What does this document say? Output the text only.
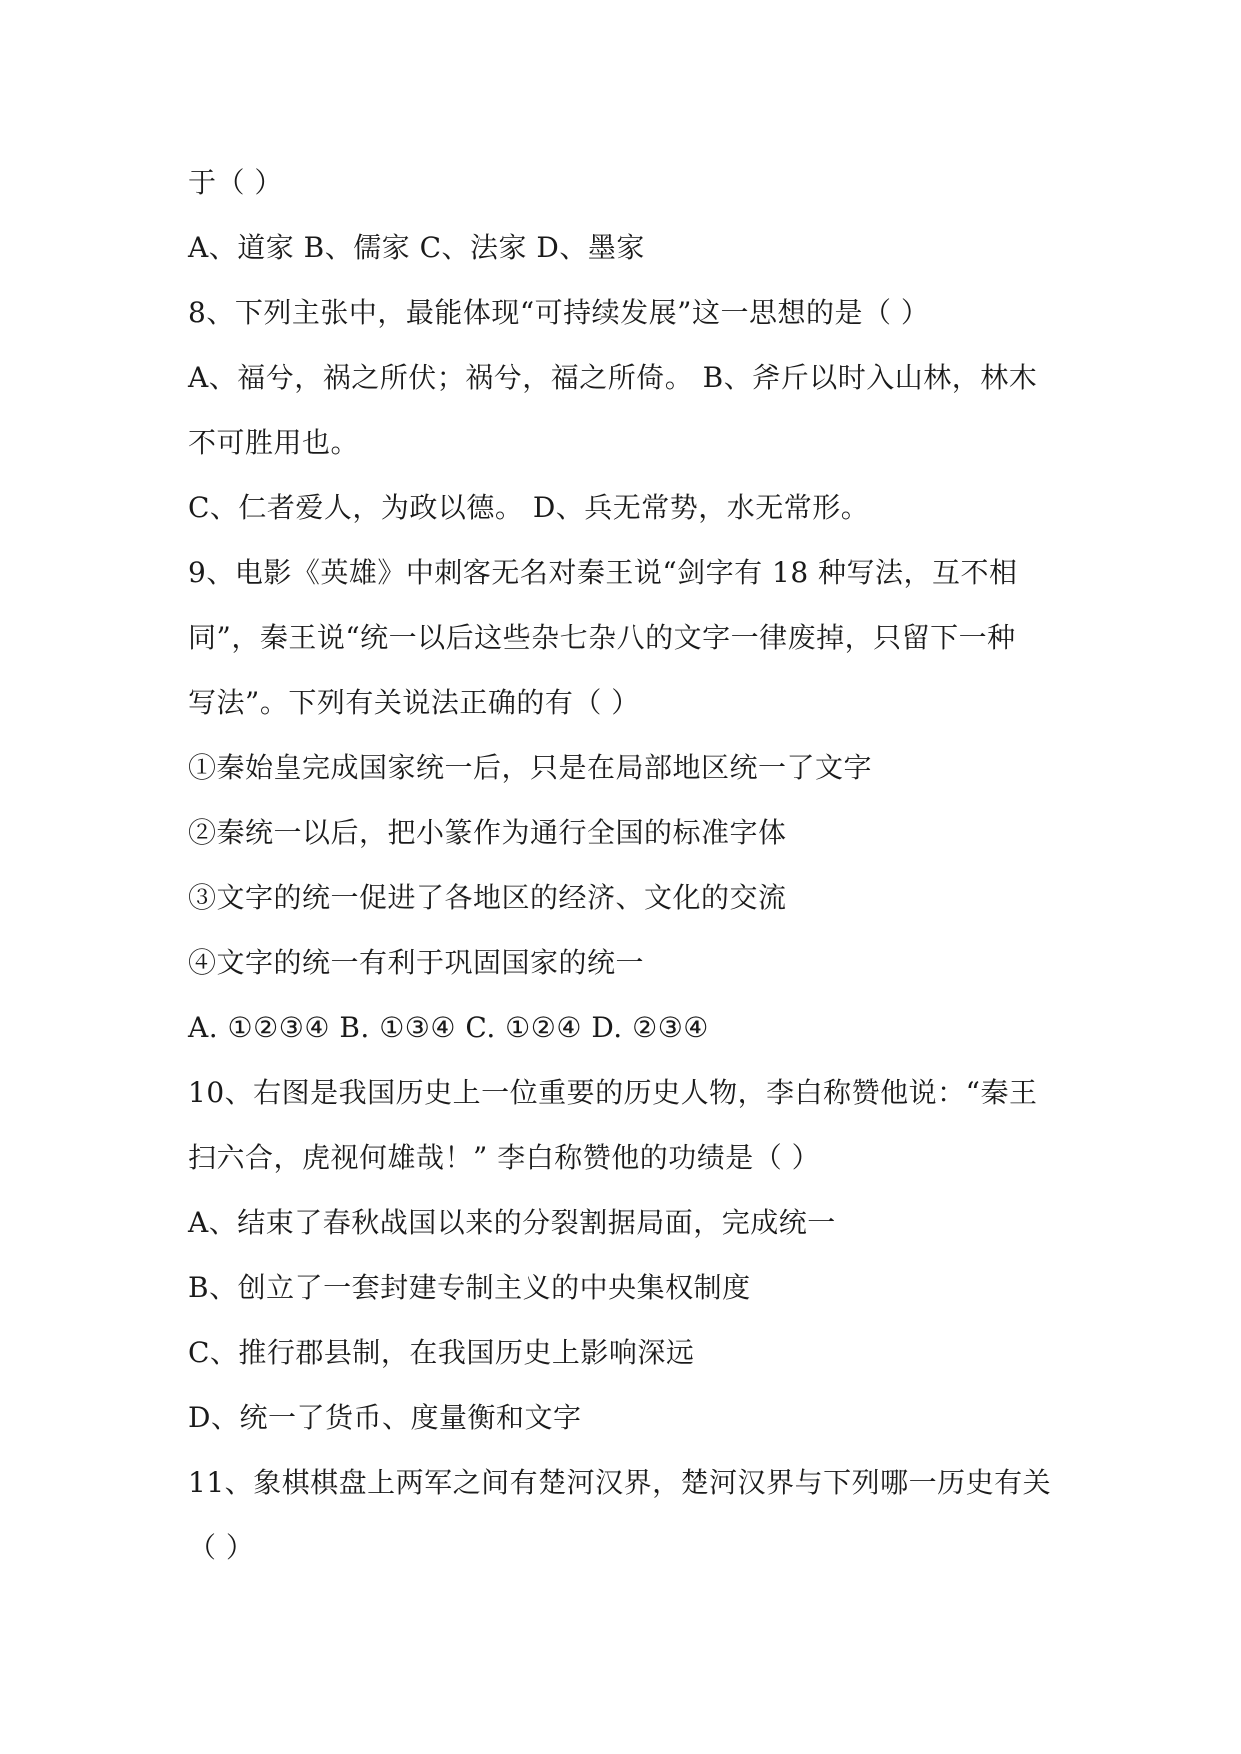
于（ ）
A、道家 B、儒家 C、法家 D、墨家
8、下列主张中，最能体现“可持续发展”这一思想的是（ ）
A、福兮，祸之所伏；祸兮，福之所倚。 B、斧斤以时入山林，林木
不可胜用也。
C、仁者爱人，为政以德。 D、兵无常势，水无常形。
9、电影《英雄》中刺客无名对秦王说“剑字有 18 种写法，互不相
同”，秦王说“统一以后这些杂七杂八的文字一律废掉，只留下一种
写法”。下列有关说法正确的有（ ）
①秦始皇完成国家统一后，只是在局部地区统一了文字
②秦统一以后，把小篆作为通行全国的标准字体
③文字的统一促进了各地区的经济、文化的交流
④文字的统一有利于巩固国家的统一
A. ①②③④ B. ①③④ C. ①②④ D. ②③④
10、右图是我国历史上一位重要的历史人物，李白称赞他说：“秦王
扫六合，虎视何雄哉！” 李白称赞他的功绩是（ ）
A、结束了春秋战国以来的分裂割据局面，完成统一
B、创立了一套封建专制主义的中央集权制度
C、推行郡县制，在我国历史上影响深远
D、统一了货币、度量衡和文字
11、象棋棋盘上两军之间有楚河汉界，楚河汉界与下列哪一历史有关
（ ）
